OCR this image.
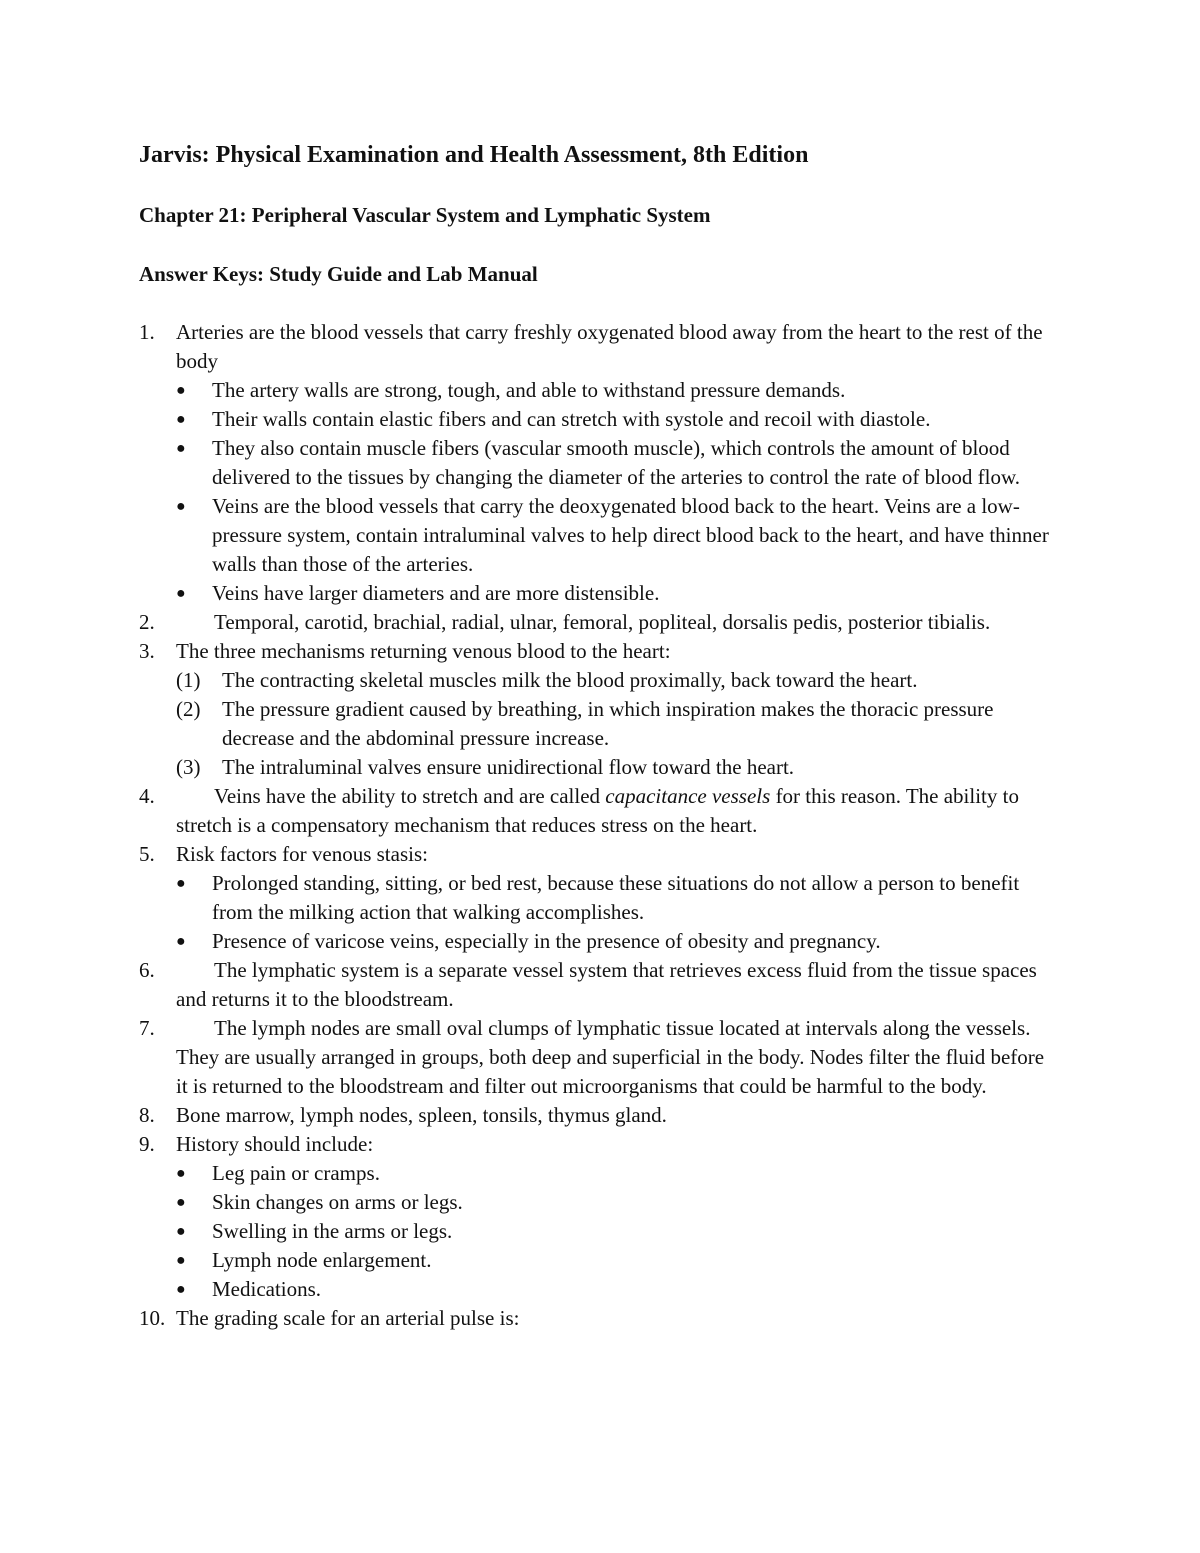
Jarvis: Physical Examination and Health Assessment, 8th Edition
Chapter 21: Peripheral Vascular System and Lymphatic System
Answer Keys: Study Guide and Lab Manual
1. Arteries are the blood vessels that carry freshly oxygenated blood away from the heart to the rest of the body
● The artery walls are strong, tough, and able to withstand pressure demands.
● Their walls contain elastic fibers and can stretch with systole and recoil with diastole.
● They also contain muscle fibers (vascular smooth muscle), which controls the amount of blood delivered to the tissues by changing the diameter of the arteries to control the rate of blood flow.
● Veins are the blood vessels that carry the deoxygenated blood back to the heart. Veins are a low-pressure system, contain intraluminal valves to help direct blood back to the heart, and have thinner walls than those of the arteries.
● Veins have larger diameters and are more distensible.
2.	Temporal, carotid, brachial, radial, ulnar, femoral, popliteal, dorsalis pedis, posterior tibialis.
3. The three mechanisms returning venous blood to the heart:
(1) The contracting skeletal muscles milk the blood proximally, back toward the heart.
(2) The pressure gradient caused by breathing, in which inspiration makes the thoracic pressure decrease and the abdominal pressure increase.
(3) The intraluminal valves ensure unidirectional flow toward the heart.
4.	Veins have the ability to stretch and are called capacitance vessels for this reason. The ability to stretch is a compensatory mechanism that reduces stress on the heart.
5. Risk factors for venous stasis:
● Prolonged standing, sitting, or bed rest, because these situations do not allow a person to benefit from the milking action that walking accomplishes.
● Presence of varicose veins, especially in the presence of obesity and pregnancy.
6.	The lymphatic system is a separate vessel system that retrieves excess fluid from the tissue spaces and returns it to the bloodstream.
7.	The lymph nodes are small oval clumps of lymphatic tissue located at intervals along the vessels. They are usually arranged in groups, both deep and superficial in the body. Nodes filter the fluid before it is returned to the bloodstream and filter out microorganisms that could be harmful to the body.
8. Bone marrow, lymph nodes, spleen, tonsils, thymus gland.
9. History should include:
● Leg pain or cramps.
● Skin changes on arms or legs.
● Swelling in the arms or legs.
● Lymph node enlargement.
● Medications.
10. The grading scale for an arterial pulse is:
